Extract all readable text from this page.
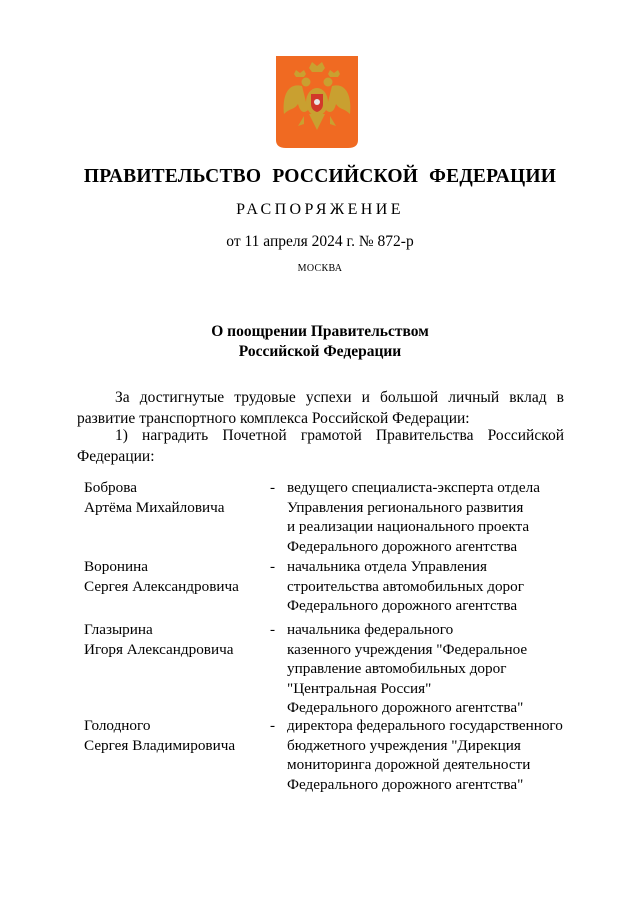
ПРАВИТЕЛЬСТВО РОССИЙСКОЙ ФЕДЕРАЦИИ
РАСПОРЯЖЕНИЕ
от 11 апреля 2024 г. № 872-р
МОСКВА
О поощрении Правительством
Российской Федерации
За достигнутые трудовые успехи и большой личный вклад в развитие транспортного комплекса Российской Федерации:
1) наградить Почетной грамотой Правительства Российской Федерации:
Боброва
Артёма Михайловича
- ведущего специалиста-эксперта отдела
Управления регионального развития
и реализации национального проекта
Федерального дорожного агентства
Воронина
Сергея Александровича
- начальника отдела Управления
строительства автомобильных дорог
Федерального дорожного агентства
Глазырина
Игоря Александровича
- начальника федерального
казенного учреждения "Федеральное
управление автомобильных дорог
"Центральная Россия"
Федерального дорожного агентства"
Голодного
Сергея Владимировича
- директора федерального государственного
бюджетного учреждения "Дирекция
мониторинга дорожной деятельности
Федерального дорожного агентства"
